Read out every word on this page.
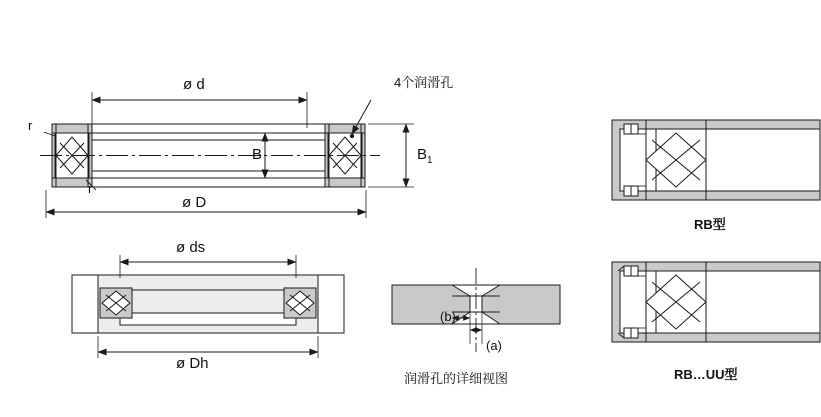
ø d
ø D
B	$B_1$
r
r
4个润滑孔
ø ds
ø Dh
(b)
(a)
润滑孔的详细视图
RB型
RB…UU型
